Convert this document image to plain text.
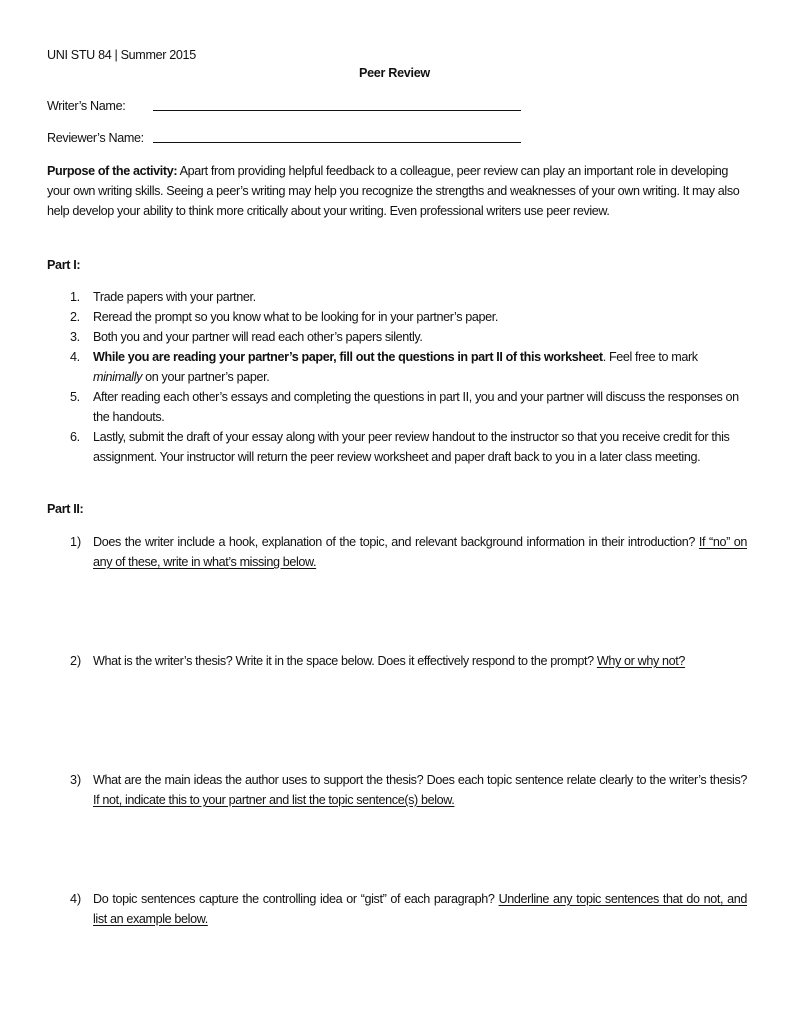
UNI STU 84 | Summer 2015
Peer Review
Writer’s Name:
Reviewer’s Name:
Purpose of the activity: Apart from providing helpful feedback to a colleague, peer review can play an important role in developing your own writing skills. Seeing a peer’s writing may help you recognize the strengths and weaknesses of your own writing. It may also help develop your ability to think more critically about your writing. Even professional writers use peer review.
Part I:
1. Trade papers with your partner.
2. Reread the prompt so you know what to be looking for in your partner’s paper.
3. Both you and your partner will read each other’s papers silently.
4. While you are reading your partner’s paper, fill out the questions in part II of this worksheet. Feel free to mark minimally on your partner’s paper.
5. After reading each other’s essays and completing the questions in part II, you and your partner will discuss the responses on the handouts.
6. Lastly, submit the draft of your essay along with your peer review handout to the instructor so that you receive credit for this assignment. Your instructor will return the peer review worksheet and paper draft back to you in a later class meeting.
Part II:
1) Does the writer include a hook, explanation of the topic, and relevant background information in their introduction? If “no” on any of these, write in what’s missing below.
2) What is the writer’s thesis? Write it in the space below. Does it effectively respond to the prompt? Why or why not?
3) What are the main ideas the author uses to support the thesis? Does each topic sentence relate clearly to the writer’s thesis? If not, indicate this to your partner and list the topic sentence(s) below.
4) Do topic sentences capture the controlling idea or “gist” of each paragraph? Underline any topic sentences that do not, and list an example below.
